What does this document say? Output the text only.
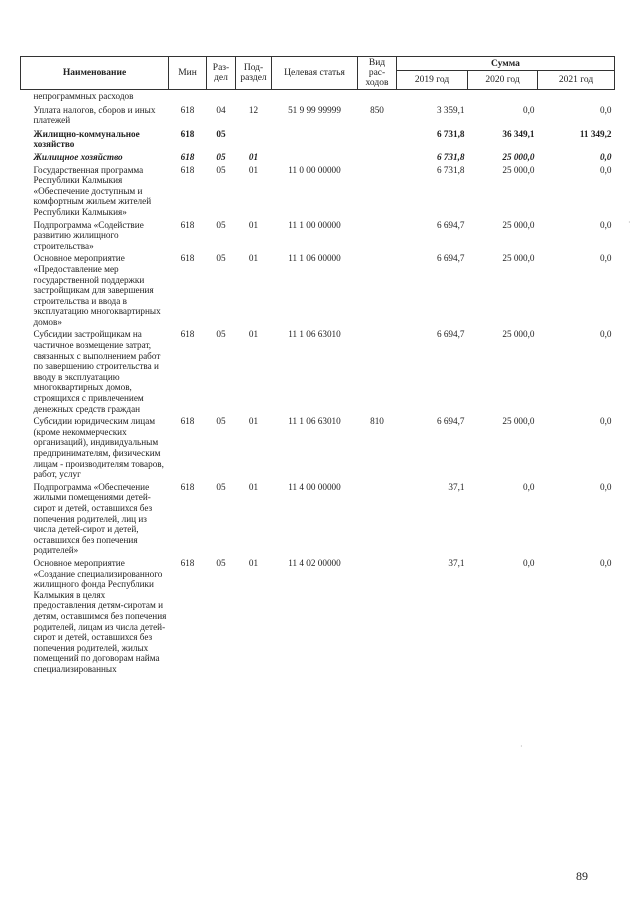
Наименование	Мин	Раз-дел	Под-раздел	Целевая статья	Вид рас-ходов	Сумма		
						2019 год	2020 год	2021 год
непрограммных расходов								
Уплата налогов, сборов и иных платежей	618	04	12	51 9 99 99999	850	3 359,1	0,0	0,0
Жилищно-коммунальное хозяйство	618	05				6 731,8	36 349,1	11 349,2
Жилищное хозяйство	618	05	01			6 731,8	25 000,0	0,0
Государственная программа Республики Калмыкия «Обеспечение доступным и комфортным жильем жителей Республики Калмыкия»	618	05	01	11 0 00 00000		6 731,8	25 000,0	0,0
Подпрограмма «Содействие развитию жилищного строительства»	618	05	01	11 1 00 00000		6 694,7	25 000,0	0,0
Основное мероприятие «Предоставление мер государственной поддержки застройщикам для завершения строительства и ввода в эксплуатацию многоквартирных домов»	618	05	01	11 1 06 00000		6 694,7	25 000,0	0,0
Субсидии застройщикам на частичное возмещение затрат, связанных с выполнением работ по завершению строительства и вводу в эксплуатацию многоквартирных домов, строящихся с привлечением денежных средств граждан	618	05	01	11 1 06 63010		6 694,7	25 000,0	0,0
Субсидии юридическим лицам (кроме некоммерческих организаций), индивидуальным предпринимателям, физическим лицам - производителям товаров, работ, услуг	618	05	01	11 1 06 63010	810	6 694,7	25 000,0	0,0
Подпрограмма «Обеспечение жилыми помещениями детей-сирот и детей, оставшихся без попечения родителей, лиц из числа детей-сирот и детей, оставшихся без попечения родителей»	618	05	01	11 4 00 00000		37,1	0,0	0,0
Основное мероприятие «Создание специализированного жилищного фонда Республики Калмыкия в целях предоставления детям-сиротам и детям, оставшимся без попечения родителей, лицам из числа детей-сирот и детей, оставшихся без попечения родителей, жилых помещений по договорам найма специализированных	618	05	01	11 4 02 00000		37,1	0,0	0,0
89
·
·
